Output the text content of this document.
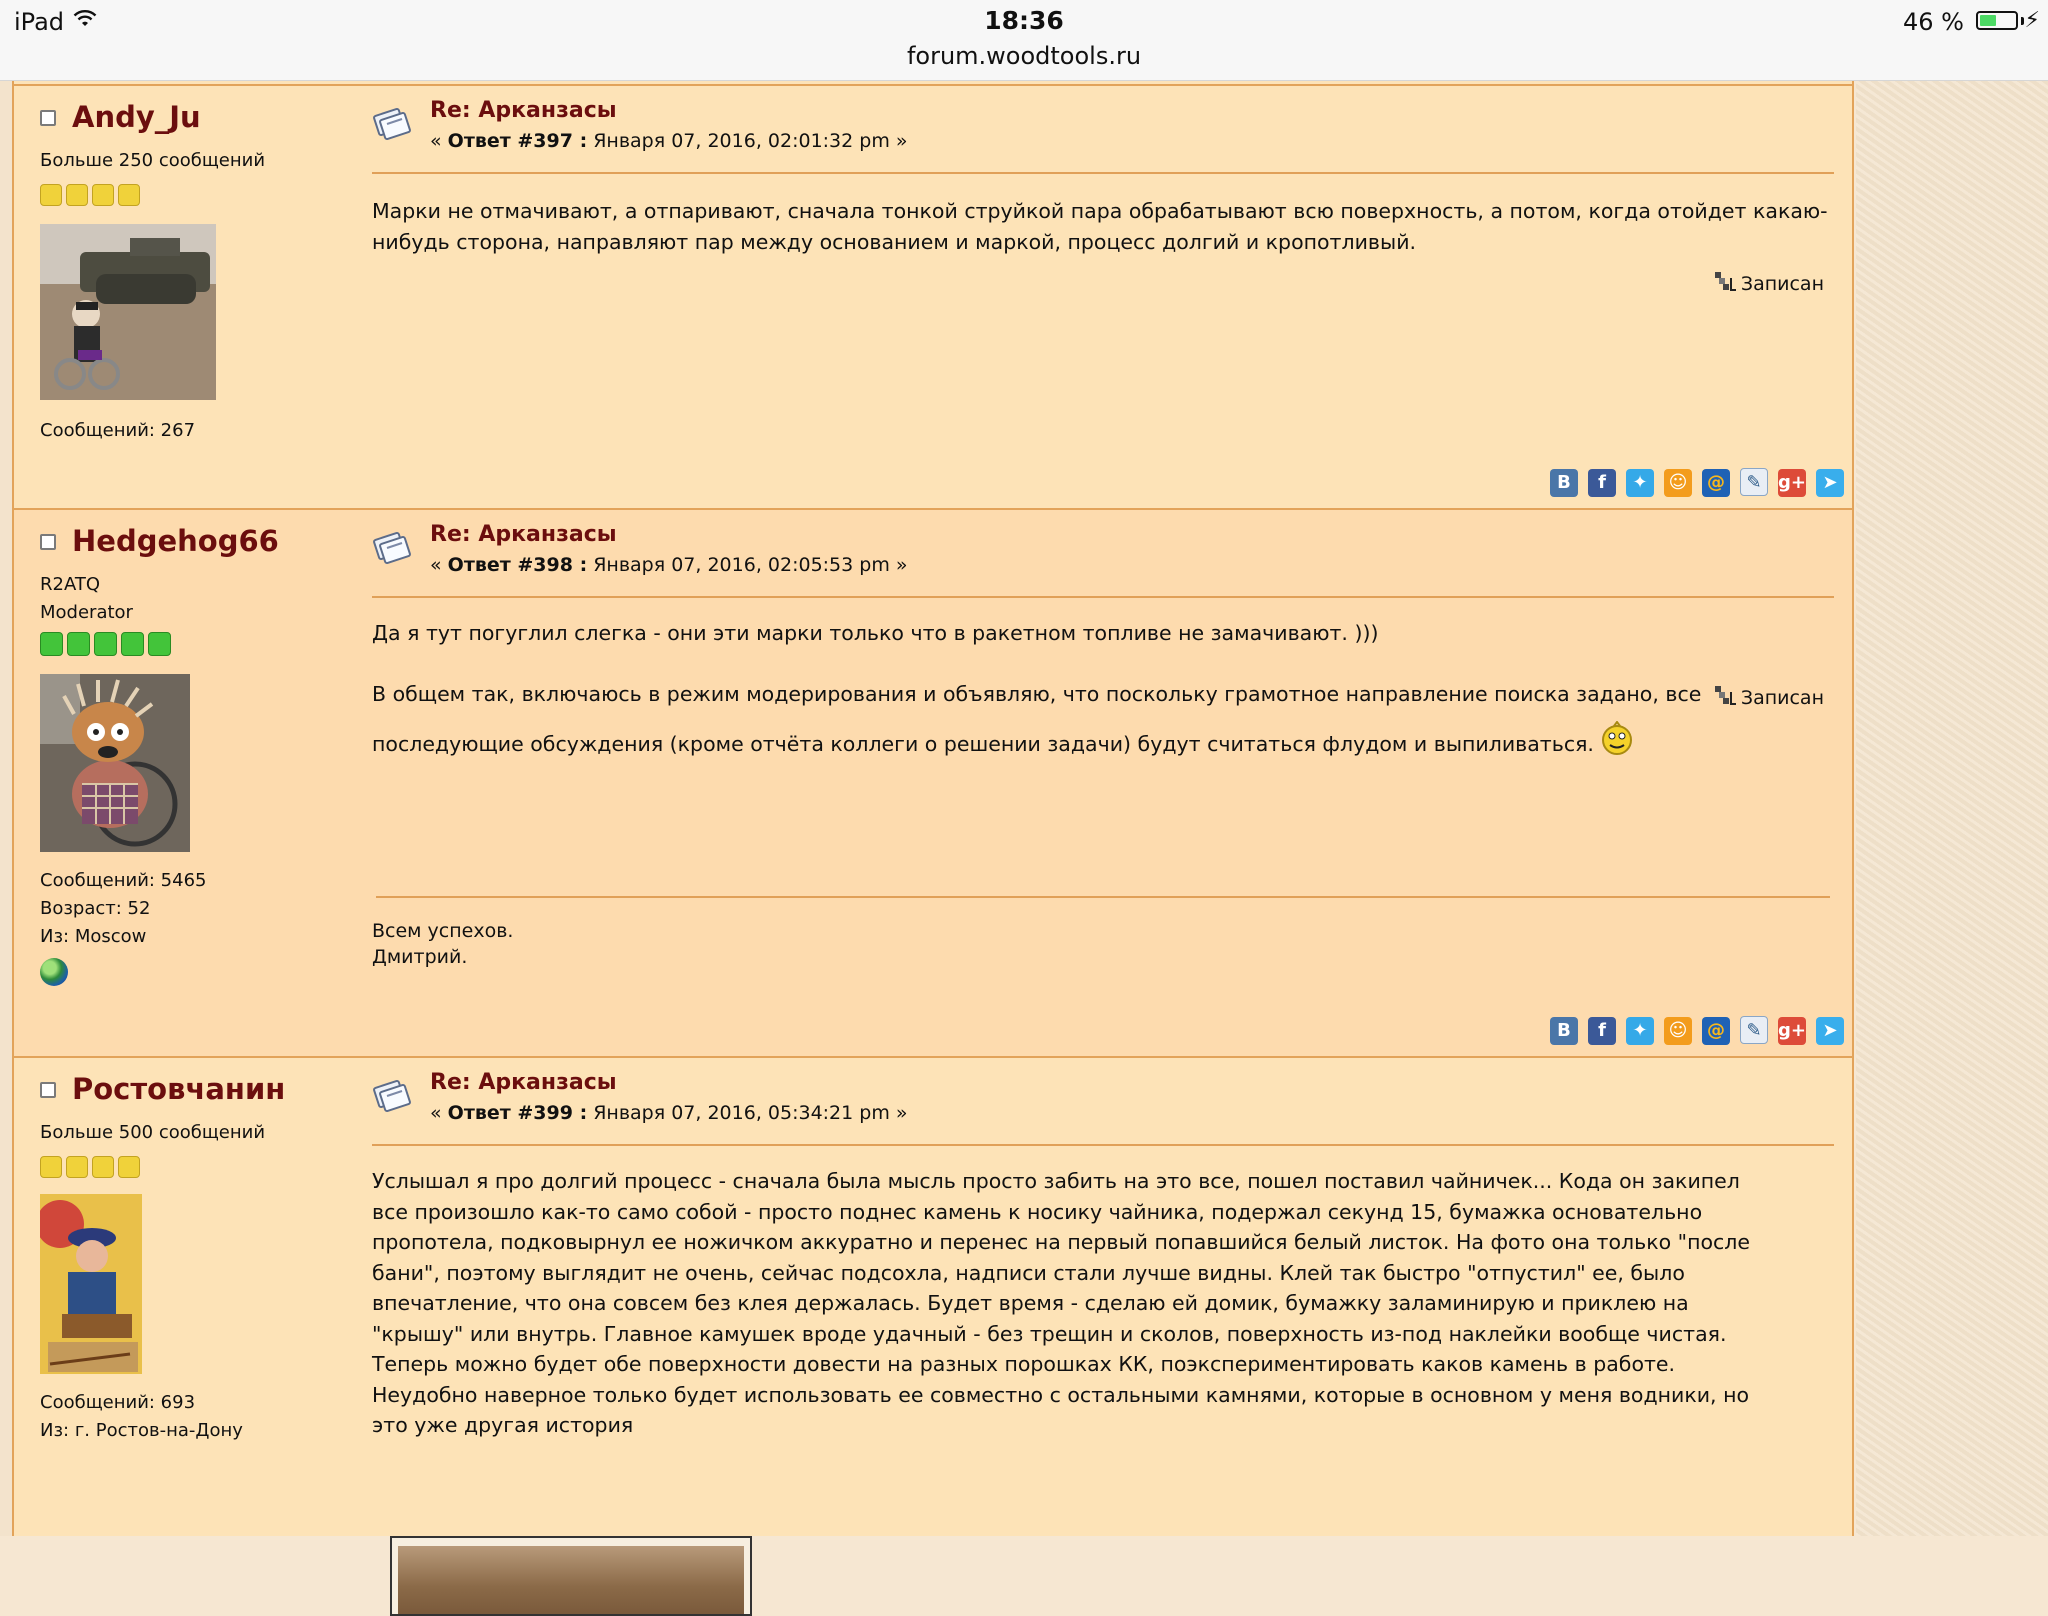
iPad	18:36
forum.woodtools.ru
46 %	⚡
Andy_Ju
Больше 250 сообщений
Сообщений: 267
Re: Арканзасы
« Ответ #397 : Января 07, 2016, 02:01:32 pm »

Марки не отмачивают, а отпаривают, сначала тонкой струйкой пара обрабатывают всю поверхность, а потом, когда отойдет какаю-нибудь сторона, направляют пар между основанием и маркой, процесс долгий и кропотливый.

Записан
В f ✦ ☺ @ ✎ g+ ➤
Hedgehog66
R2ATQ
Moderator
Сообщений: 5465
Возраст: 52
Из: Moscow
Re: Арканзасы
« Ответ #398 : Января 07, 2016, 02:05:53 pm »

Да я тут погуглил слегка - они эти марки только что в ракетном топливе не замачивают. )))

В общем так, включаюсь в режим модерирования и объявляю, что поскольку грамотное направление поиска задано, все

последующие обсуждения (кроме отчёта коллеги о решении задачи) будут считаться флудом и выпиливаться.

Записан
Всем успехов.
Дмитрий.
В f ✦ ☺ @ ✎ g+ ➤
Ростовчанин
Больше 500 сообщений
Сообщений: 693
Из: г. Ростов-на-Дону
Re: Арканзасы
« Ответ #399 : Января 07, 2016, 05:34:21 pm »
Услышал я про долгий процесс - сначала была мысль просто забить на это все, пошел поставил чайничек... Кода он закипел
все произошло как-то само собой - просто поднес камень к носику чайника, подержал секунд 15, бумажка основательно
пропотела, подковырнул ее ножичком аккуратно и перенес на первый попавшийся белый листок. На фото она только "после
бани", поэтому выглядит не очень, сейчас подсохла, надписи стали лучше видны. Клей так быстро "отпустил" ее, было
впечатление, что она совсем без клея держалась. Будет время - сделаю ей домик, бумажку заламинирую и приклею на
"крышу" или внутрь. Главное камушек вроде удачный - без трещин и сколов, поверхность из-под наклейки вообще чистая.
Теперь можно будет обе поверхности довести на разных порошках КК, поэкспериментировать каков камень в работе.
Неудобно наверное только будет использовать ее совместно с остальными камнями, которые в основном у меня водники, но
это уже другая история
